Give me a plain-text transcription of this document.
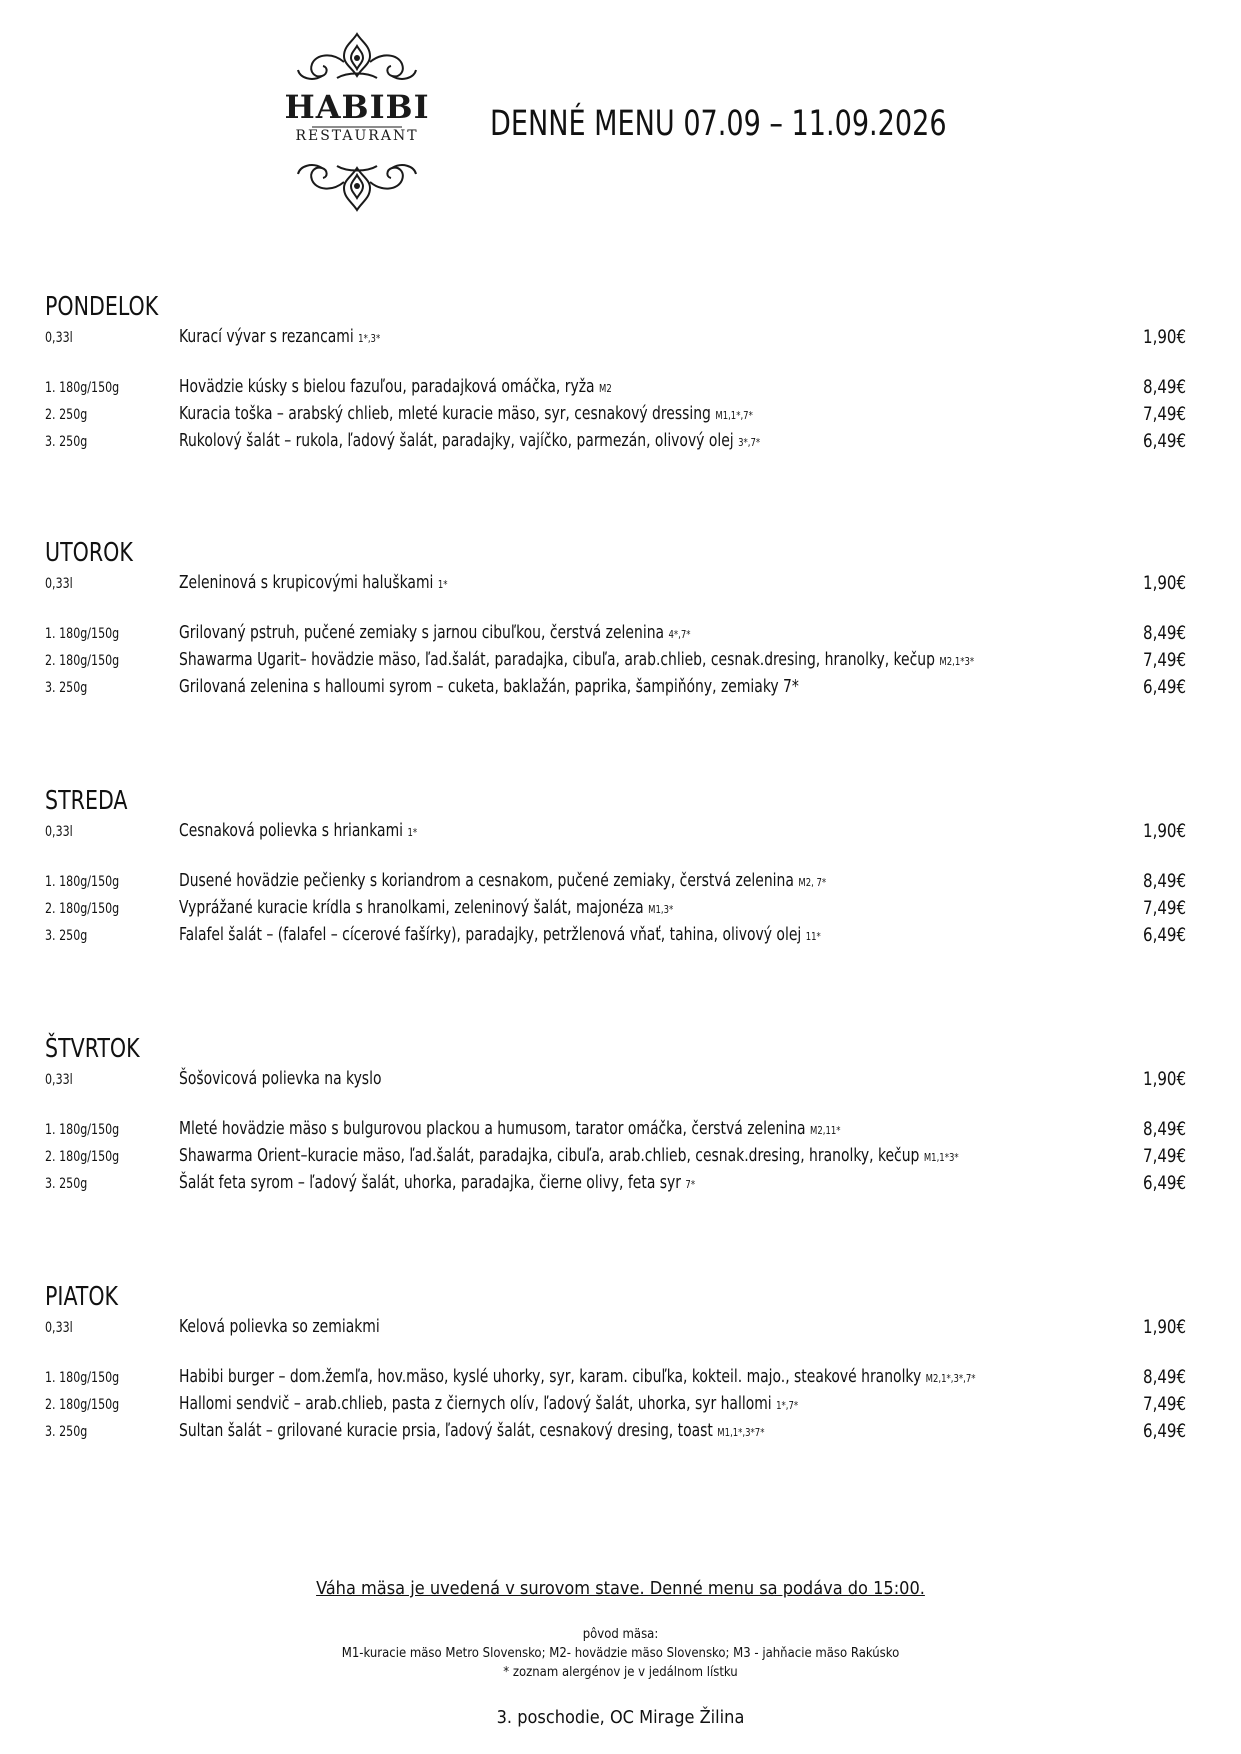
HABIBI
RESTAURANT	DENNÉ MENU 07.09 – 11.09.2026
PONDELOK
0,33l	Kurací vývar s rezancami 1*,3*	1,90€
1. 180g/150g	Hovädzie kúsky s bielou fazuľou, paradajková omáčka, ryža M2	8,49€
2. 250g	Kuracia toška – arabský chlieb, mleté kuracie mäso, syr, cesnakový dressing M1,1*,7*	7,49€
3. 250g	Rukolový šalát – rukola, ľadový šalát, paradajky, vajíčko, parmezán, olivový olej 3*,7*	6,49€
UTOROK
0,33l	Zeleninová s krupicovými haluškami 1*	1,90€
1. 180g/150g	Grilovaný pstruh, pučené zemiaky s jarnou cibuľkou, čerstvá zelenina 4*,7*	8,49€
2. 180g/150g	Shawarma Ugarit– hovädzie mäso, ľad.šalát, paradajka, cibuľa, arab.chlieb, cesnak.dresing, hranolky, kečup M2,1*3*	7,49€
3. 250g	Grilovaná zelenina s halloumi syrom – cuketa, baklažán, paprika, šampiňóny, zemiaky 7*	6,49€
STREDA
0,33l	Cesnaková polievka s hriankami 1*	1,90€
1. 180g/150g	Dusené hovädzie pečienky s koriandrom a cesnakom, pučené zemiaky, čerstvá zelenina M2, 7*	8,49€
2. 180g/150g	Vyprážané kuracie krídla s hranolkami, zeleninový šalát, majonéza M1,3*	7,49€
3. 250g	Falafel šalát – (falafel – cícerové fašírky), paradajky, petržlenová vňať, tahina, olivový olej 11*	6,49€
ŠTVRTOK
0,33l	Šošovicová polievka na kyslo	1,90€
1. 180g/150g	Mleté hovädzie mäso s bulgurovou plackou a humusom, tarator omáčka, čerstvá zelenina M2,11*	8,49€
2. 180g/150g	Shawarma Orient–kuracie mäso, ľad.šalát, paradajka, cibuľa, arab.chlieb, cesnak.dresing, hranolky, kečup M1,1*3*	7,49€
3. 250g	Šalát feta syrom – ľadový šalát, uhorka, paradajka, čierne olivy, feta syr 7*	6,49€
PIATOK
0,33l	Kelová polievka so zemiakmi	1,90€
1. 180g/150g	Habibi burger – dom.žemľa, hov.mäso, kyslé uhorky, syr, karam. cibuľka, kokteil. majo., steakové hranolky M2,1*,3*,7*	8,49€
2. 180g/150g	Hallomi sendvič – arab.chlieb, pasta z čiernych olív, ľadový šalát, uhorka, syr hallomi 1*,7*	7,49€
3. 250g	Sultan šalát – grilované kuracie prsia, ľadový šalát, cesnakový dresing, toast M1,1*,3*7*	6,49€
Váha mäsa je uvedená v surovom stave. Denné menu sa podáva do 15:00.
pôvod mäsa:
M1-kuracie mäso Metro Slovensko; M2- hovädzie mäso Slovensko; M3 - jahňacie mäso Rakúsko
* zoznam alergénov je v jedálnom lístku
3. poschodie, OC Mirage Žilina
